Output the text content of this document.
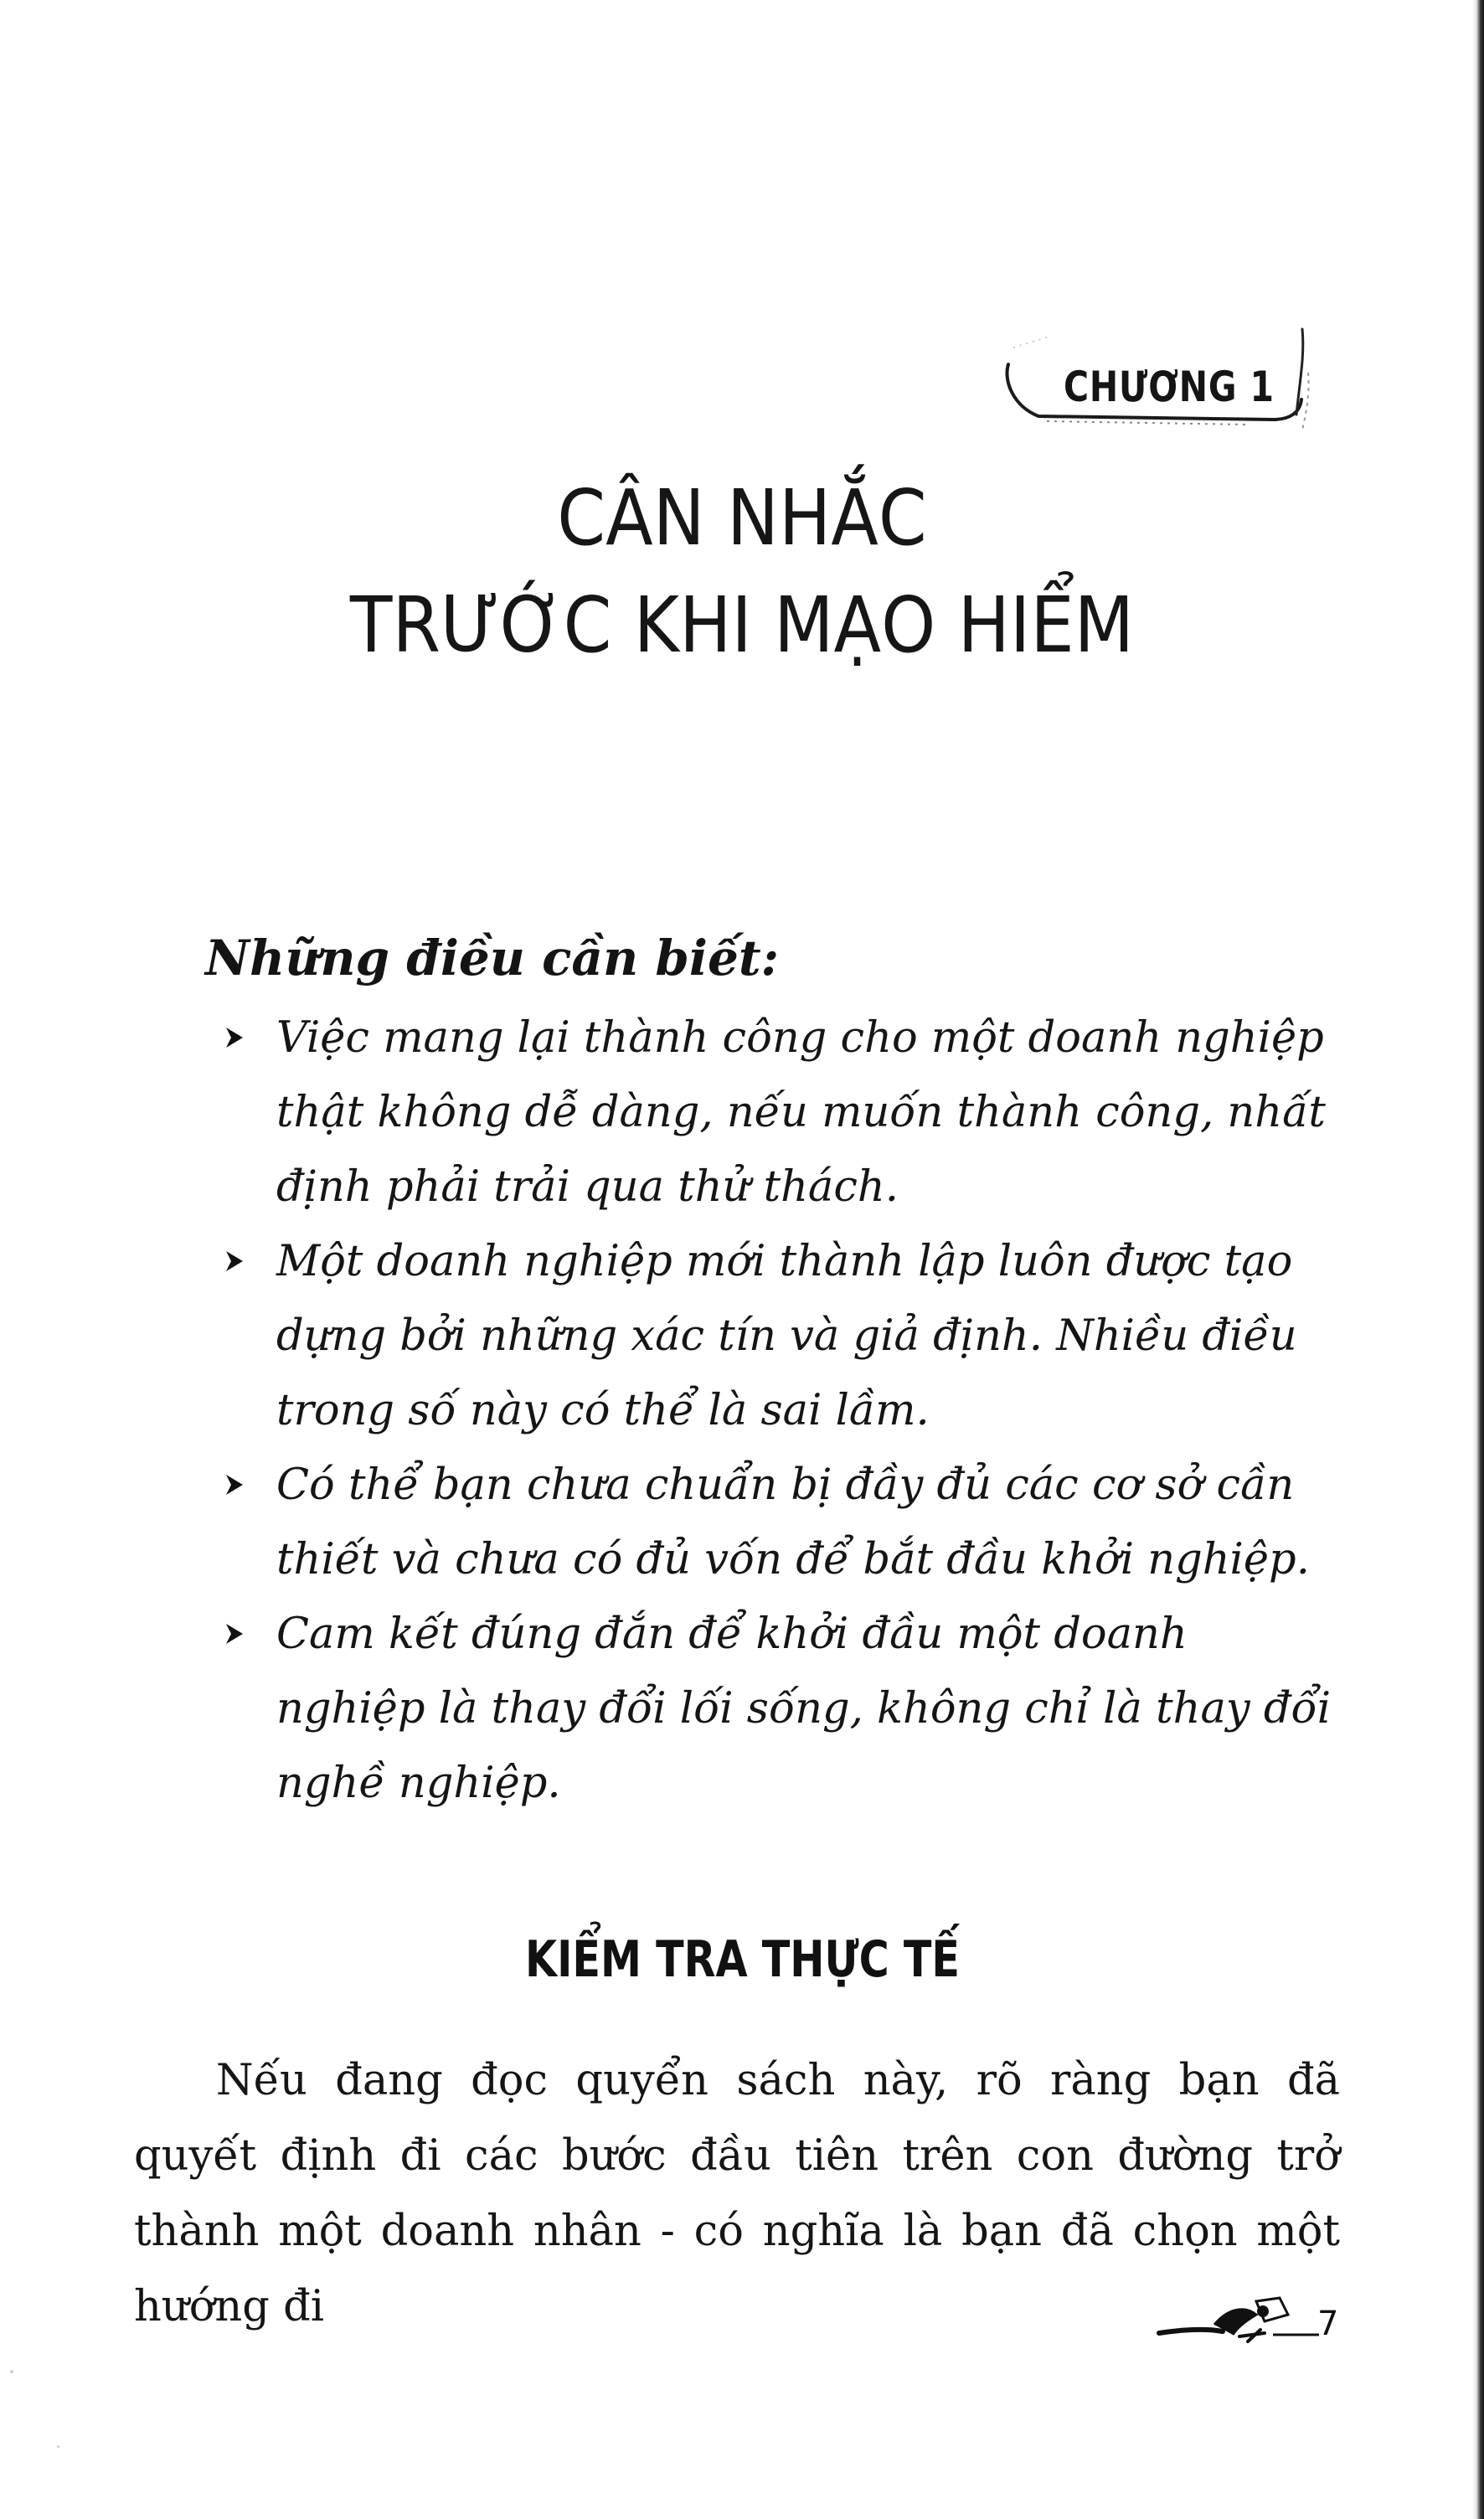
CHƯƠNG 1
CÂN NHẮC
TRƯỚC KHI MẠO HIỂM
Những điều cần biết:
Việc mang lại thành công cho một doanh nghiệp thật không dễ dàng, nếu muốn thành công, nhất định phải trải qua thử thách.
Một doanh nghiệp mới thành lập luôn được tạo dựng bởi những xác tín và giả định. Nhiều điều trong số này có thể là sai lầm.
Có thể bạn chưa chuẩn bị đầy đủ các cơ sở cần thiết và chưa có đủ vốn để bắt đầu khởi nghiệp.
Cam kết đúng đắn để khởi đầu một doanh nghiệp là thay đổi lối sống, không chỉ là thay đổi nghề nghiệp.
KIỂM TRA THỰC TẾ

Nếu đang đọc quyển sách này, rõ ràng bạn đã quyết định đi các bước đầu tiên trên con đường trở thành một doanh nhân - có nghĩa là bạn đã chọn một hướng đi	7
